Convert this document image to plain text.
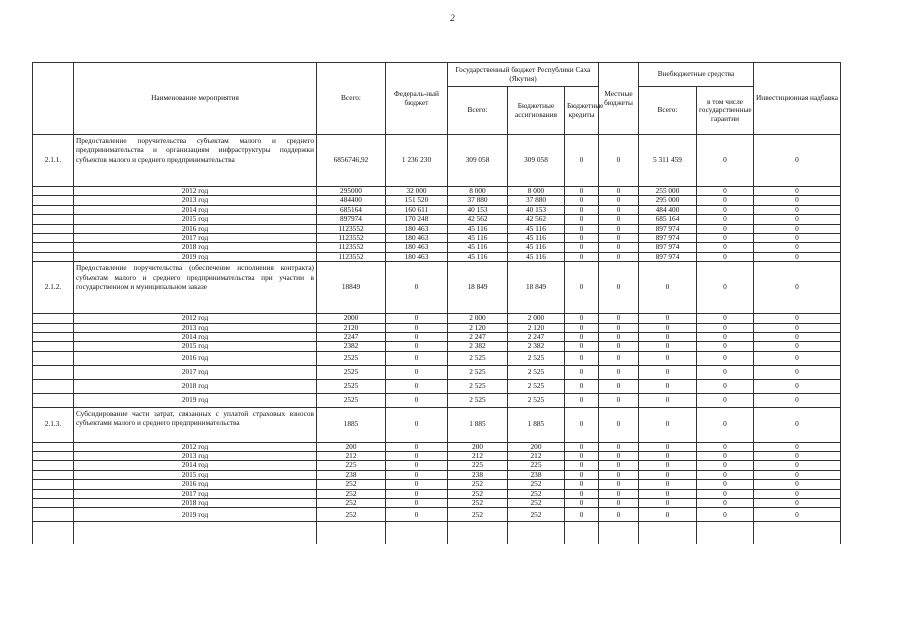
2
	Наименование мероприятия	Всего:	Федераль-ный бюджет	Государственный бюджет Республики Саха (Якутия)			Местные бюджеты	Внебюджетные средства		Инвестиционная надбавка
				Всего:	Бюджетные ассигнования	Бюджетные кредиты		Всего:	в том числе государственные гарантии	
2.1.1.	Предоставление поручительства субъектам малого и среднего предпринимательства и организациям инфраструктуры поддержки субъектов малого и среднего предпринимательства	6856746,92	1 236 230	309 058	309 058	0	0	5 311 459	0	0
	2012 год	295000	32 000	8 000	8 000	0	0	255 000	0	0
	2013 год	484400	151 520	37 880	37 880	0	0	295 000	0	0
	2014 год	685164	160 611	40 153	40 153	0	0	484 400	0	0
	2015 год	897974	170 248	42 562	42 562	0	0	685 164	0	0
	2016 год	1123552	180 463	45 116	45 116	0	0	897 974	0	0
	2017 год	1123552	180 463	45 116	45 116	0	0	897 974	0	0
	2018 год	1123552	180 463	45 116	45 116	0	0	897 974	0	0
	2019 год	1123552	180 463	45 116	45 116	0	0	897 974	0	0
2.1.2.	Предоставление поручительства (обеспечение исполнения контракта) субъектам малого и среднего предпринимательства при участии в государственном и муниципальном заказе	18849	0	18 849	18 849	0	0	0	0	0
	2012 год	2000	0	2 000	2 000	0	0	0	0	0
	2013 год	2120	0	2 120	2 120	0	0	0	0	0
	2014 год	2247	0	2 247	2 247	0	0	0	0	0
	2015 год	2382	0	2 382	2 382	0	0	0	0	0
	2016 год	2525	0	2 525	2 525	0	0	0	0	0
	2017 год	2525	0	2 525	2 525	0	0	0	0	0
	2018 год	2525	0	2 525	2 525	0	0	0	0	0
	2019 год	2525	0	2 525	2 525	0	0	0	0	0
2.1.3.	Субсидирование части затрат, связанных с уплатой страховых взносов субъектами малого и среднего предпринимательства	1885	0	1 885	1 885	0	0	0	0	0
	2012 год	200	0	200	200	0	0	0	0	0
	2013 год	212	0	212	212	0	0	0	0	0
	2014 год	225	0	225	225	0	0	0	0	0
	2015 год	238	0	238	238	0	0	0	0	0
	2016 год	252	0	252	252	0	0	0	0	0
	2017 год	252	0	252	252	0	0	0	0	0
	2018 год	252	0	252	252	0	0	0	0	0
	2019 год	252	0	252	252	0	0	0	0	0
